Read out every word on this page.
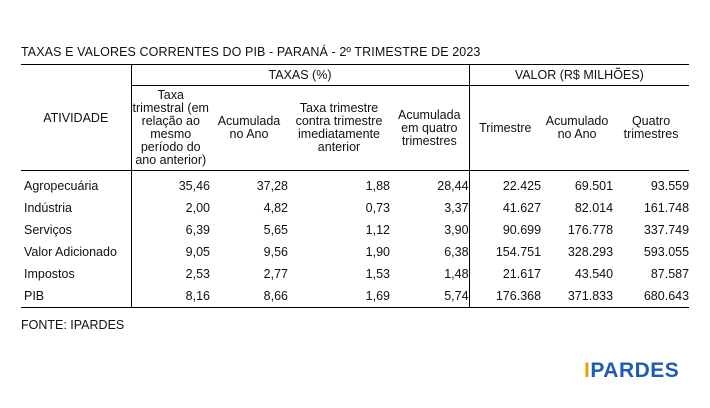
TAXAS E VALORES CORRENTES DO PIB - PARANÁ - 2º TRIMESTRE DE 2023
ATIVIDADE	TAXAS (%)				VALOR (R$ MILHÕES)		
	Taxa trimestral (em relação ao mesmo período do ano anterior)	Acumulada no Ano	Taxa trimestre contra trimestre imediatamente anterior	Acumulada em quatro trimestres	Trimestre	Acumulado no Ano	Quatro trimestres
Agropecuária	35,46	37,28	1,88	28,44	22.425	69.501	93.559
Indústria	2,00	4,82	0,73	3,37	41.627	82.014	161.748
Serviços	6,39	5,65	1,12	3,90	90.699	176.778	337.749
Valor Adicionado	9,05	9,56	1,90	6,38	154.751	328.293	593.055
Impostos	2,53	2,77	1,53	1,48	21.617	43.540	87.587
PIB	8,16	8,66	1,69	5,74	176.368	371.833	680.643
FONTE: IPARDES
IPARDES
